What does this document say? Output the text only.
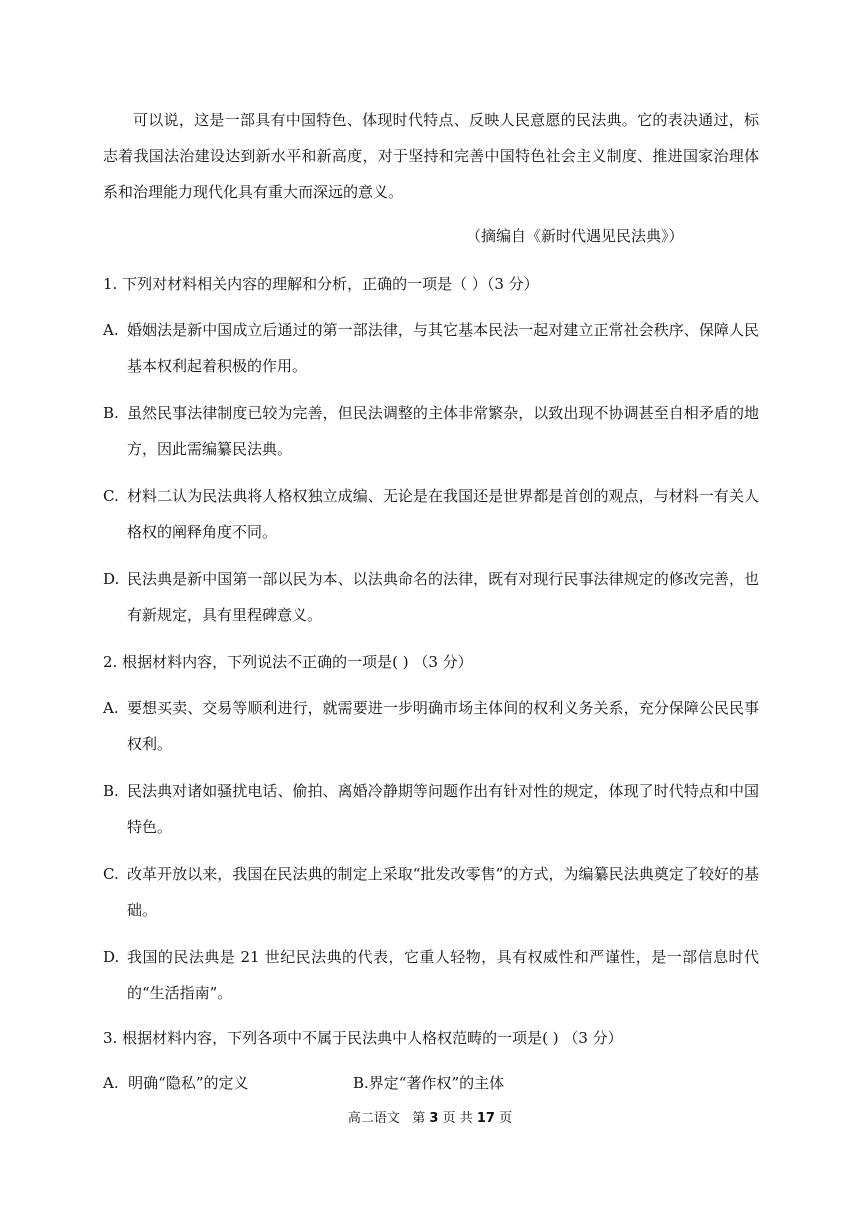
可以说，这是一部具有中国特色、体现时代特点、反映人民意愿的民法典。它的表决通过，标志着我国法治建设达到新水平和新高度，对于坚持和完善中国特色社会主义制度、推进国家治理体系和治理能力现代化具有重大而深远的意义。
（摘编自《新时代遇见民法典》）
1. 下列对材料相关内容的理解和分析，正确的一项是（ ）（3 分）
A. 婚姻法是新中国成立后通过的第一部法律，与其它基本民法一起对建立正常社会秩序、保障人民基本权利起着积极的作用。
B. 虽然民事法律制度已较为完善，但民法调整的主体非常繁杂，以致出现不协调甚至自相矛盾的地方，因此需编纂民法典。
C. 材料二认为民法典将人格权独立成编、无论是在我国还是世界都是首创的观点，与材料一有关人格权的阐释角度不同。
D. 民法典是新中国第一部以民为本、以法典命名的法律，既有对现行民事法律规定的修改完善，也有新规定，具有里程碑意义。
2. 根据材料内容，下列说法不正确的一项是( ) （3 分）
A. 要想买卖、交易等顺利进行，就需要进一步明确市场主体间的权利义务关系，充分保障公民民事权利。
B. 民法典对诸如骚扰电话、偷拍、离婚冷静期等问题作出有针对性的规定，体现了时代特点和中国特色。
C. 改革开放以来，我国在民法典的制定上采取“批发改零售”的方式，为编纂民法典奠定了较好的基础。
D. 我国的民法典是 21 世纪民法典的代表，它重人轻物，具有权威性和严谨性，是一部信息时代的“生活指南”。
3. 根据材料内容，下列各项中不属于民法典中人格权范畴的一项是( ) （3 分）
A. 明确“隐私”的定义	B.界定“著作权”的主体
高二语文 第 3 页 共 17 页
